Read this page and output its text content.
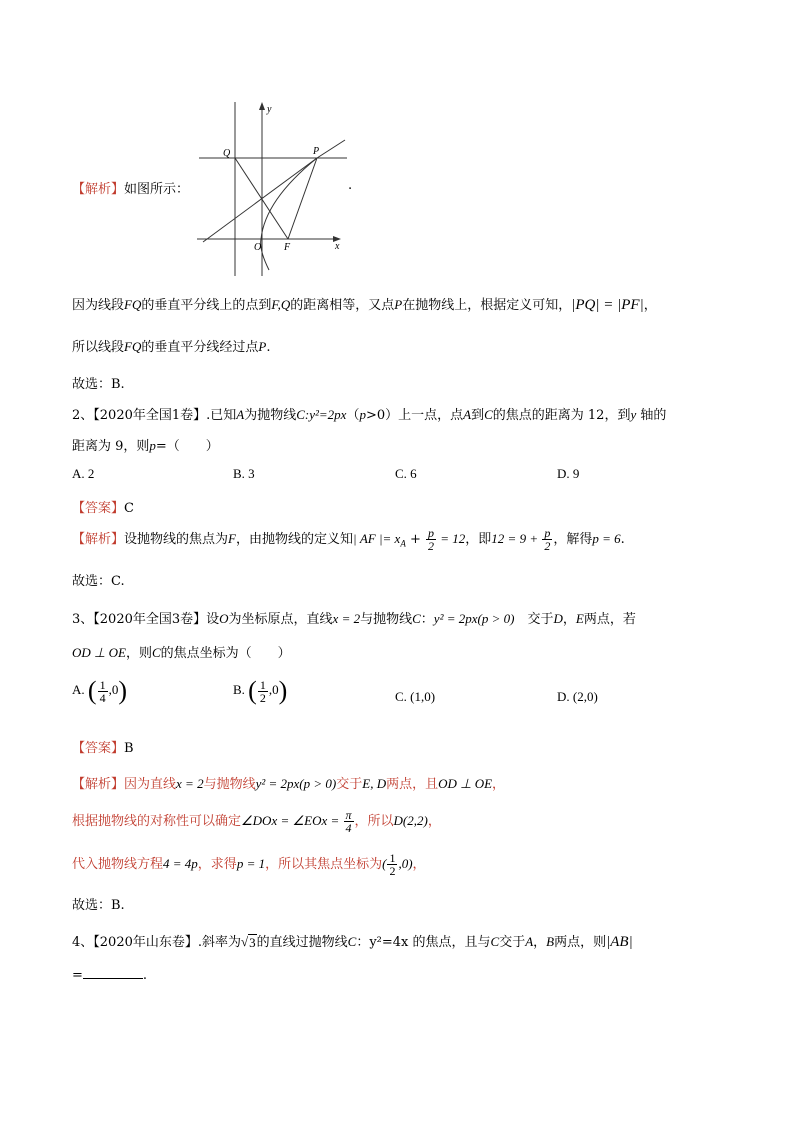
y
x
Q	P
O F
【解析】如图所示：	.
因为线段FQ的垂直平分线上的点到F,Q的距离相等，又点P在抛物线上，根据定义可知，|PQ| = |PF|，
所以线段FQ的垂直平分线经过点P.
故选：B.
2、【2020年全国1卷】.已知A为抛物线C:y²=2px（p>0）上一点，点A到C的焦点的距离为 12，到y 轴的
距离为 9，则p=（　　）
A. 2	B. 3	C. 6	D. 9
【答案】C
【解析】设抛物线的焦点为F，由抛物线的定义知| AF |= $x_A + \frac{p}{2} = 12$，即$12 = 9 + \frac{p}{2}$ ，解得p = 6.
故选：C.
3、【2020年全国3卷】设O为坐标原点，直线x = 2与抛物线C：y² = 2px(p > 0)　交于D，E两点，若
OD ⊥ OE，则C的焦点坐标为（　　）
A. ( $\frac{1}{4} ,0$)	B. ( $\frac{1}{2} ,0$)	C. (1,0)	D. (2,0)
【答案】B
【解析】因为直线x = 2与抛物线y² = 2px(p > 0)交于E, D两点，且OD ⊥ OE，
根据抛物线的对称性可以确定∠DOx = ∠EOx = $\frac{\pi}{4}$ ，所以D(2,2)，
代入抛物线方程4 = 4p，求得p = 1，所以其焦点坐标为( $\frac{1}{2} ,0$)，
故选：B.
4、【2020年山东卷】.斜率为√ 3 的直线过抛物线C：y²=4x 的焦点，且与C交于A，B两点，则|AB|
=	.
